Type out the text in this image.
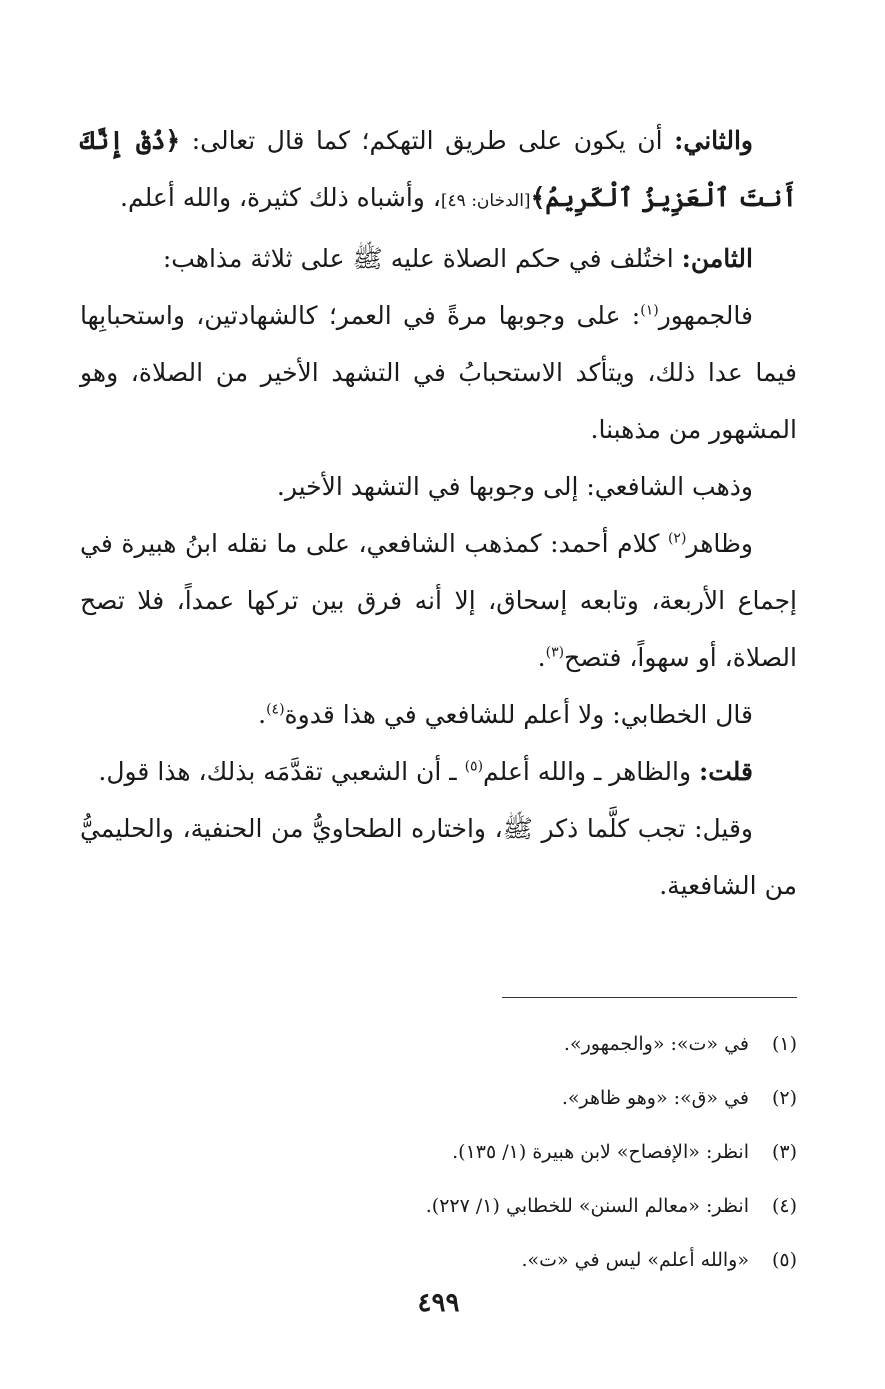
والثاني: أن يكون على طريق التهكم؛ كما قال تعالى: ﴿ذُقْ إِنَّكَ أَنتَ ٱلْعَزِيزُ ٱلْكَرِيمُ﴾[الدخان: ٤٩]، وأشباه ذلك كثيرة، والله أعلم.

الثامن: اختُلف في حكم الصلاة عليه ﷺ على ثلاثة مذاهب:

فالجمهور$^{(١)}$: على وجوبها مرةً في العمر؛ كالشهادتين، واستحبابِها فيما عدا ذلك، ويتأكد الاستحبابُ في التشهد الأخير من الصلاة، وهو المشهور من مذهبنا.

وذهب الشافعي: إلى وجوبها في التشهد الأخير.

وظاهر$^{(٢)}$ كلام أحمد: كمذهب الشافعي، على ما نقله ابنُ هبيرة في إجماع الأربعة، وتابعه إسحاق، إلا أنه فرق بين تركها عمداً، فلا تصح الصلاة، أو سهواً، فتصح$^{(٣)}$.

قال الخطابي: ولا أعلم للشافعي في هذا قدوة$^{(٤)}$.

قلت: والظاهر ـ والله أعلم$^{(٥)}$ ـ أن الشعبي تقدَّمَه بذلك، هذا قول.

وقيل: تجب كلَّما ذكر ﷺ، واختاره الطحاويُّ من الحنفية، والحليميُّ من الشافعية.

(١)
في «ت»: «والجمهور».
(٢)
في «ق»: «وهو ظاهر».
(٣)
انظر: «الإفصاح» لابن هبيرة (١/ ١٣٥).
(٤)
انظر: «معالم السنن» للخطابي (١/ ٢٢٧).
(٥)
«والله أعلم» ليس في «ت».
٤٩٩
